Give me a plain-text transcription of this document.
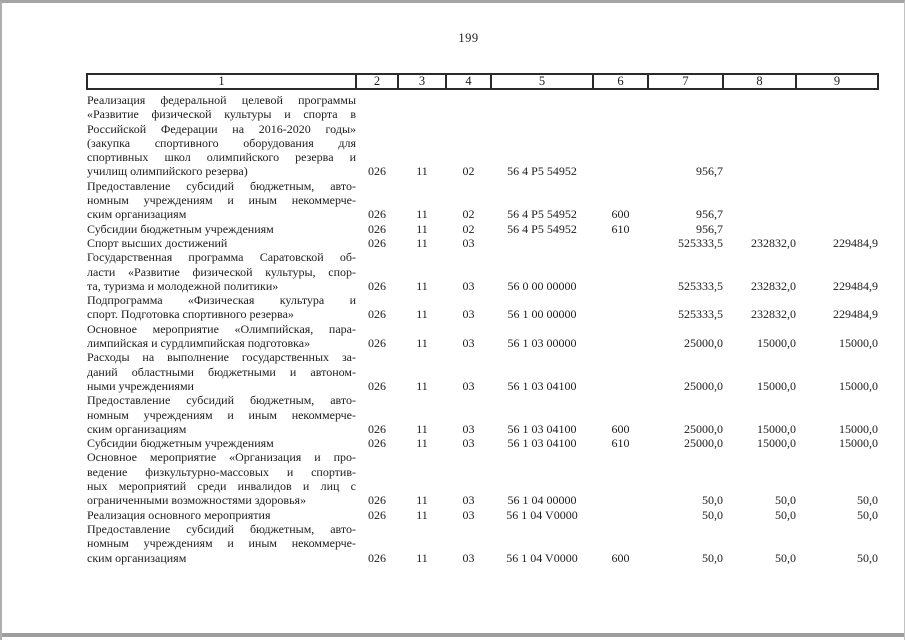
199
1	2	3	4	5	6	7	8	9

Реализация федеральной целевой программы
«Развитие физической культуры и спорта в
Российской Федерации на 2016-2020 годы»
(закупка спортивного оборудования для
спортивных школ олимпийского резерва и
училищ олимпийского резерва)	026	11	02	56 4 P5 54952		956,7		

Предоставление субсидий бюджетным, авто-
номным учреждениям и иным некоммерче-
ским организациям	026	11	02	56 4 P5 54952	600	956,7		

Субсидии бюджетным учреждениям	026	11	02	56 4 P5 54952	610	956,7		

Спорт высших достижений	026	11	03			525333,5	232832,0	229484,9

Государственная программа Саратовской об-
ласти «Развитие физической культуры, спор-
та, туризма и молодежной политики»	026	11	03	56 0 00 00000		525333,5	232832,0	229484,9

Подпрограмма «Физическая культура и
спорт. Подготовка спортивного резерва»	026	11	03	56 1 00 00000		525333,5	232832,0	229484,9

Основное мероприятие «Олимпийская, пара-
лимпийская и сурдлимпийская подготовка»	026	11	03	56 1 03 00000		25000,0	15000,0	15000,0

Расходы на выполнение государственных за-
даний областными бюджетными и автоном-
ными учреждениями	026	11	03	56 1 03 04100		25000,0	15000,0	15000,0

Предоставление субсидий бюджетным, авто-
номным учреждениям и иным некоммерче-
ским организациям	026	11	03	56 1 03 04100	600	25000,0	15000,0	15000,0

Субсидии бюджетным учреждениям	026	11	03	56 1 03 04100	610	25000,0	15000,0	15000,0

Основное мероприятие «Организация и про-
ведение физкультурно-массовых и спортив-
ных мероприятий среди инвалидов и лиц с
ограниченными возможностями здоровья»	026	11	03	56 1 04 00000		50,0	50,0	50,0

Реализация основного мероприятия	026	11	03	56 1 04 V0000		50,0	50,0	50,0

Предоставление субсидий бюджетным, авто-
номным учреждениям и иным некоммерче-
ским организациям	026	11	03	56 1 04 V0000	600	50,0	50,0	50,0
